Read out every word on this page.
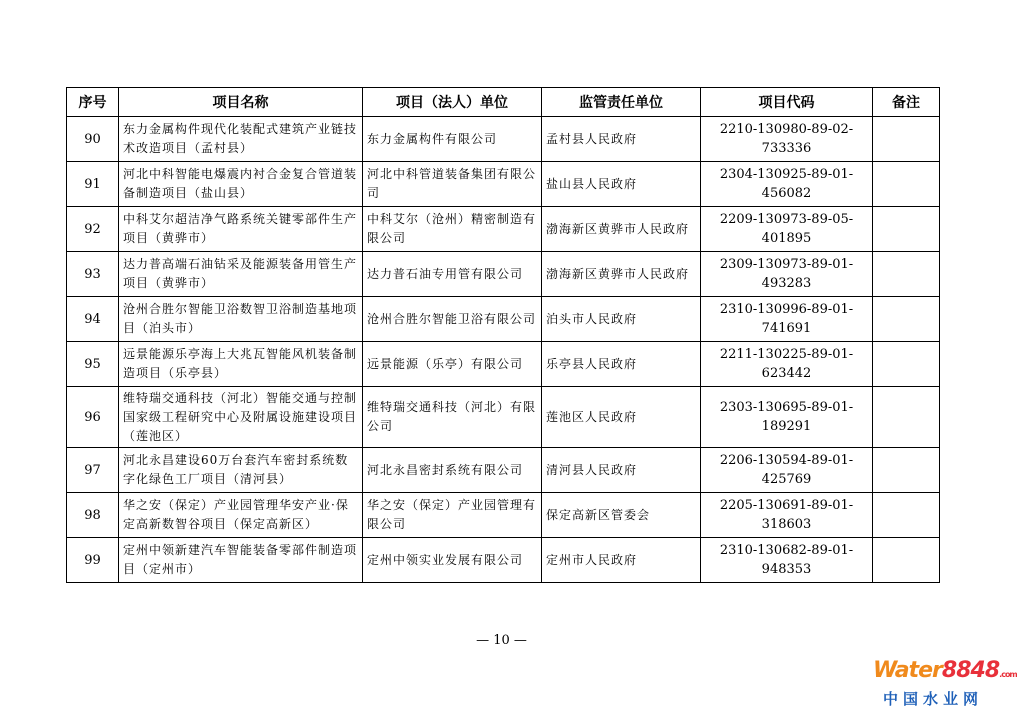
序号	项目名称	项目（法人）单位	监管责任单位	项目代码	备注
90	东力金属构件现代化装配式建筑产业链技术改造项目（孟村县）	东力金属构件有限公司	孟村县人民政府	2210-130980-89-02-733336	
91	河北中科智能电爆震内衬合金复合管道装备制造项目（盐山县）	河北中科管道装备集团有限公司	盐山县人民政府	2304-130925-89-01-456082	
92	中科艾尔超洁净气路系统关键零部件生产项目（黄骅市）	中科艾尔（沧州）精密制造有限公司	渤海新区黄骅市人民政府	2209-130973-89-05-401895	
93	达力普高端石油钻采及能源装备用管生产项目（黄骅市）	达力普石油专用管有限公司	渤海新区黄骅市人民政府	2309-130973-89-01-493283	
94	沧州合胜尔智能卫浴数智卫浴制造基地项目（泊头市）	沧州合胜尔智能卫浴有限公司	泊头市人民政府	2310-130996-89-01-741691	
95	远景能源乐亭海上大兆瓦智能风机装备制造项目（乐亭县）	远景能源（乐亭）有限公司	乐亭县人民政府	2211-130225-89-01-623442	
96	维特瑞交通科技（河北）智能交通与控制国家级工程研究中心及附属设施建设项目（莲池区）	维特瑞交通科技（河北）有限公司	莲池区人民政府	2303-130695-89-01-189291	
97	河北永昌建设60万台套汽车密封系统数字化绿色工厂项目（清河县）	河北永昌密封系统有限公司	清河县人民政府	2206-130594-89-01-425769	
98	华之安（保定）产业园管理华安产业·保定高新数智谷项目（保定高新区）	华之安（保定）产业园管理有限公司	保定高新区管委会	2205-130691-89-01-318603	
99	定州中领新建汽车智能装备零部件制造项目（定州市）	定州中领实业发展有限公司	定州市人民政府	2310-130682-89-01-948353	
— 10 —
Water8848.com
中国水业网
